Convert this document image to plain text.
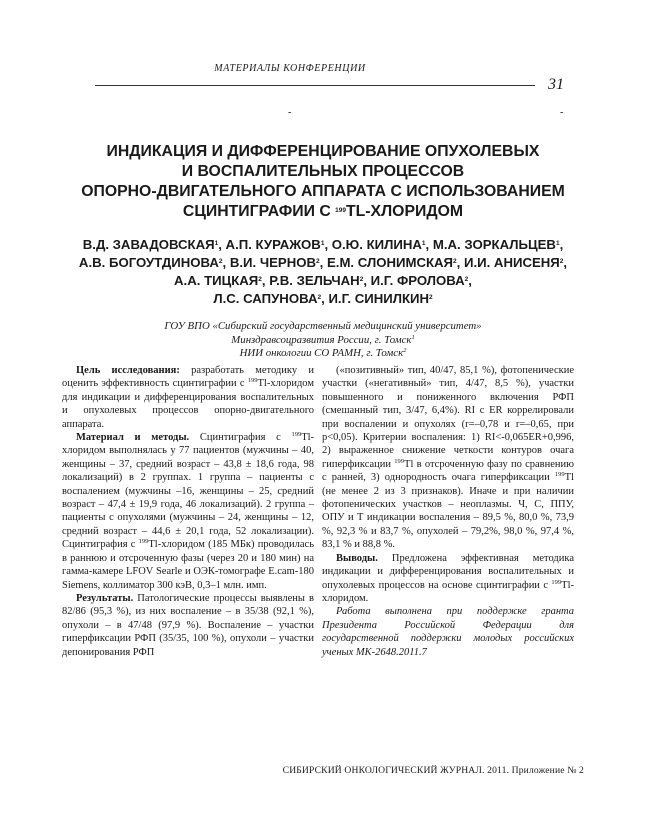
МАТЕРИАЛЫ КОНФЕРЕНЦИИ
31
-	-
ИНДИКАЦИЯ И ДИФФЕРЕНЦИРОВАНИЕ ОПУХОЛЕВЫХ
И ВОСПАЛИТЕЛЬНЫХ ПРОЦЕССОВ
ОПОРНО-ДВИГАТЕЛЬНОГО АППАРАТА С ИСПОЛЬЗОВАНИЕМ
СЦИНТИГРАФИИ С $^{199}$TL-ХЛОРИДОМ
В.Д. ЗАВАДОВСКАЯ$^1$, А.П. КУРАЖОВ$^1$, О.Ю. КИЛИНА$^1$, М.А. ЗОРКАЛЬЦЕВ$^1$,
А.В. БОГОУТДИНОВА$^2$, В.И. ЧЕРНОВ$^2$, Е.М. СЛОНИМСКАЯ$^2$, И.И. АНИСЕНЯ$^2$,
А.А. ТИЦКАЯ$^2$, Р.В. ЗЕЛЬЧАН$^2$, И.Г. ФРОЛОВА$^2$,
Л.С. САПУНОВА$^2$, И.Г. СИНИЛКИН$^2$
ГОУ ВПО «Сибирский государственный медицинский университет»
Минздравсоцразвития России, г. Томск$^1$
НИИ онкологии СО РАМН, г. Томск$^2$

Цель исследования: разработать методику и оценить эффективность сцинтиграфии с $^{199}$Tl-хлоридом для индикации и дифференцирования воспалительных и опухолевых процессов опорно-двигательного аппарата.

Материал и методы. Сцинтиграфия с $^{199}$Tl-хлоридом выполнялась у 77 пациентов (мужчины – 40, женщины – 37, средний возраст – 43,8 ± 18,6 года, 98 локализаций) в 2 группах. 1 группа – пациенты с воспалением (мужчины –16, женщины – 25, средний возраст – 47,4 ± 19,9 года, 46 локализаций). 2 группа – пациенты с опухолями (мужчины – 24, женщины – 12, средний возраст – 44,6 ± 20,1 года, 52 локализации). Сцинтиграфия с $^{199}$Tl-хлоридом (185 МБк) проводилась в раннюю и отсроченную фазы (через 20 и 180 мин) на гамма-камере LFOV Searle и ОЭК-томографе E.cam-180 Siemens, коллиматор 300 кэВ, 0,3–1 млн. имп.

Результаты. Патологические процессы выявлены в 82/86 (95,3 %), из них воспаление – в 35/38 (92,1 %), опухоли – в 47/48 (97,9 %). Воспаление – участки гиперфиксации РФП (35/35, 100 %), опухоли – участки депонирования РФП

(«позитивный» тип, 40/47, 85,1 %), фотопенические участки («негативный» тип, 4/47, 8,5 %), участки повышенного и пониженного включения РФП (смешанный тип, 3/47, 6,4%). RI с ER коррелировали при воспалении и опухолях (r=–0,78 и r=–0,65, при р<0,05). Критерии воспаления: 1) RI<-0,065ER+0,996, 2) выраженное снижение четкости контуров очага гиперфиксации $^{199}$Tl в отсроченную фазу по сравнению с ранней, 3) однородность очага гиперфиксации $^{199}$Tl (не менее 2 из 3 признаков). Иначе и при наличии фотопенических участков – неоплазмы. Ч, С, ППУ, ОПУ и Т индикации воспаления – 89,5 %, 80,0 %, 73,9 %, 92,3 % и 83,7 %, опухолей – 79,2%, 98,0 %, 97,4 %, 83,1 % и 88,8 %.

Выводы. Предложена эффективная методика индикации и дифференцирования воспалительных и опухолевых процессов на основе сцинтиграфии с $^{199}$Tl-хлоридом.

Работа выполнена при поддержке гранта Президента Российской Федерации для государственной поддержки молодых российских ученых МК-2648.2011.7

СИБИРСКИЙ ОНКОЛОГИЧЕСКИЙ ЖУРНАЛ. 2011. Приложение № 2
